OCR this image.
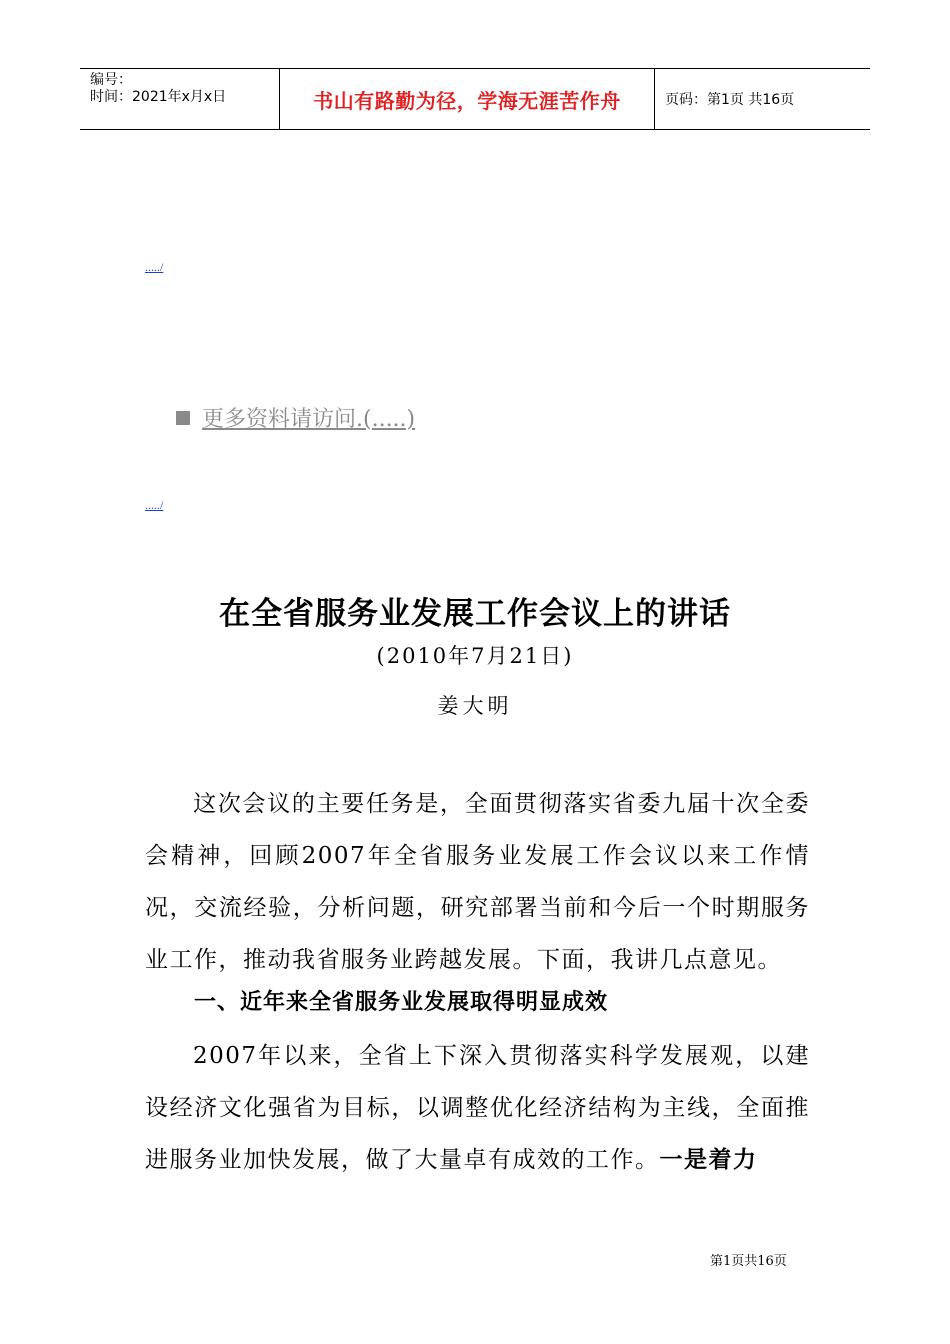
编号：
时间：2021年x月x日	书山有路勤为径，学海无涯苦作舟	页码：第1页 共16页
...../
更多资料请访问.(.....)
...../
在全省服务业发展工作会议上的讲话
(2010年7月21日)
姜大明
这次会议的主要任务是，全面贯彻落实省委九届十次全委会精神，回顾2007年全省服务业发展工作会议以来工作情况，交流经验，分析问题，研究部署当前和今后一个时期服务业工作，推动我省服务业跨越发展。下面，我讲几点意见。
一、近年来全省服务业发展取得明显成效
2007年以来，全省上下深入贯彻落实科学发展观，以建设经济文化强省为目标，以调整优化经济结构为主线，全面推进服务业加快发展，做了大量卓有成效的工作。一是着力
第1页共16页
